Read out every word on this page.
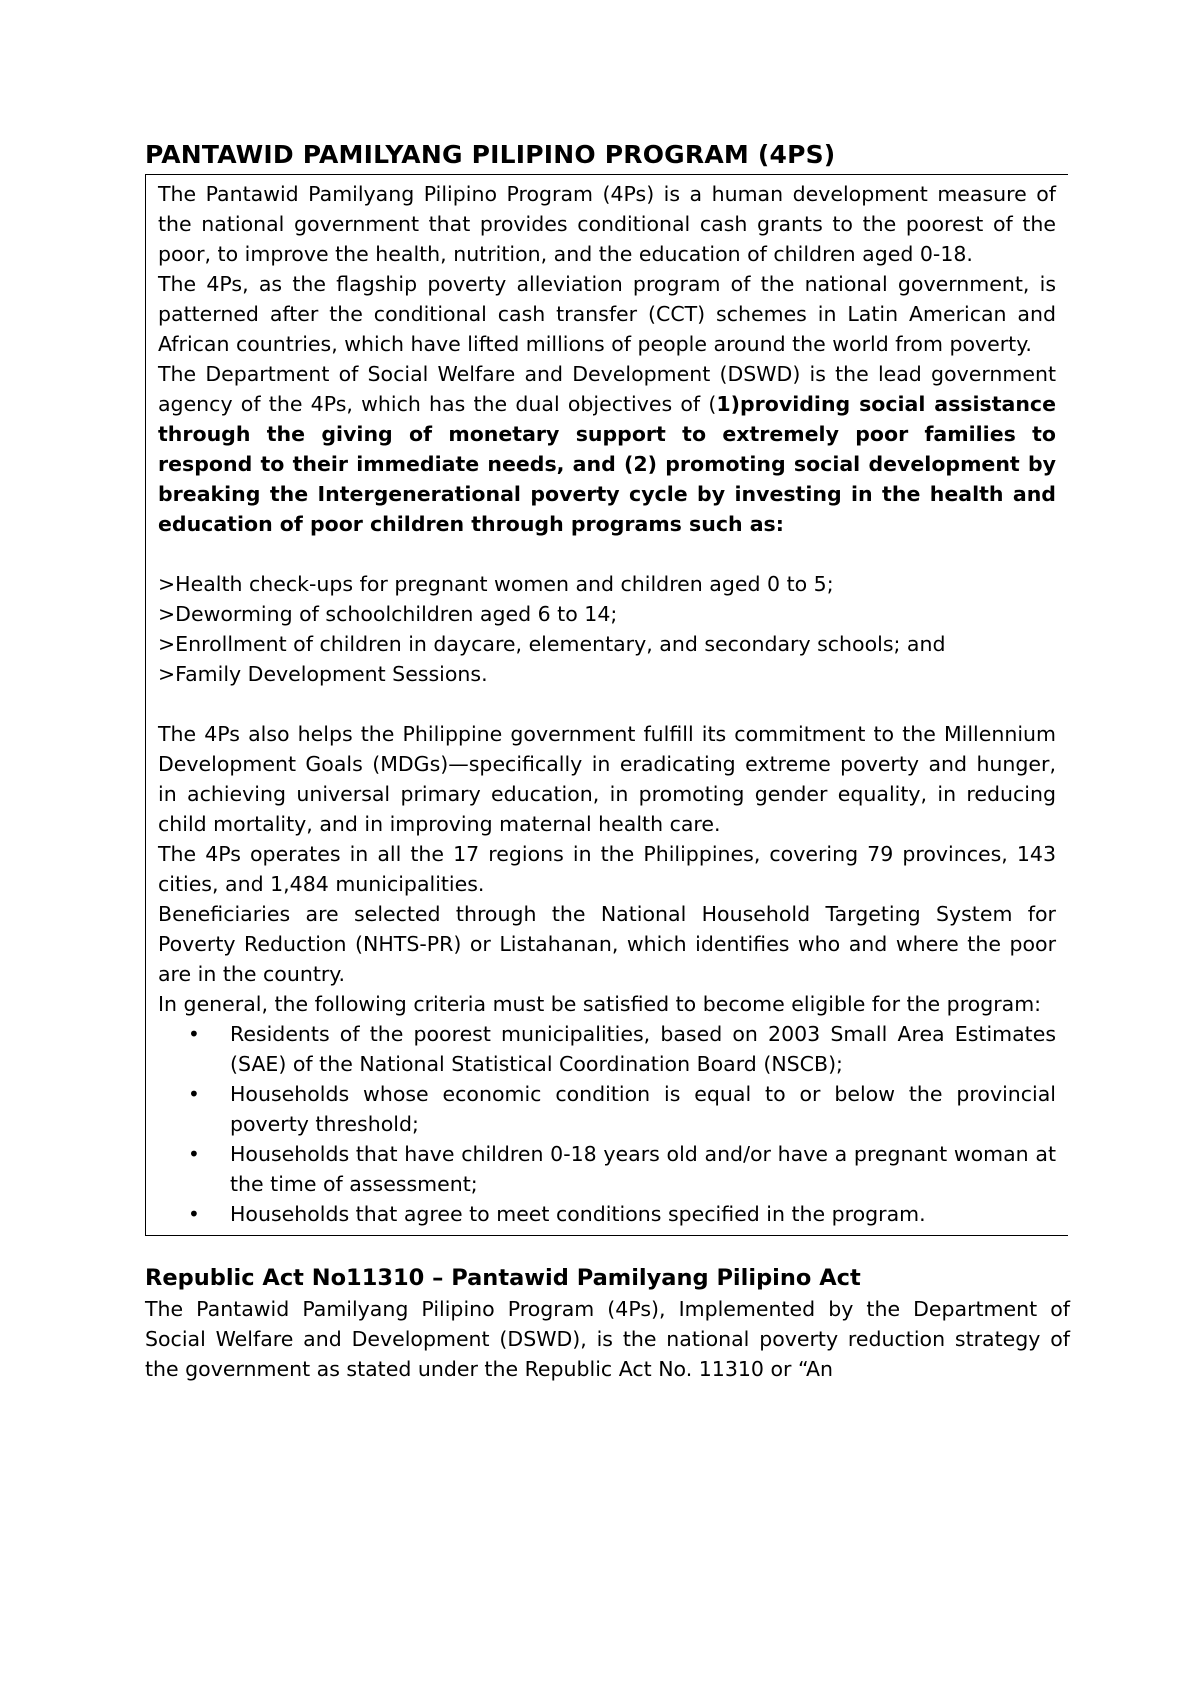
PANTAWID PAMILYANG PILIPINO PROGRAM (4PS)

The Pantawid Pamilyang Pilipino Program (4Ps) is a human development measure of the national government that provides conditional cash grants to the poorest of the poor, to improve the health, nutrition, and the education of children aged 0-18.

The 4Ps, as the flagship poverty alleviation program of the national government, is patterned after the conditional cash transfer (CCT) schemes in Latin American and African countries, which have lifted millions of people around the world from poverty.

The Department of Social Welfare and Development (DSWD) is the lead government agency of the 4Ps, which has the dual objectives of (1)providing social assistance through the giving of monetary support to extremely poor families to respond to their immediate needs, and (2) promoting social development by breaking the Intergenerational poverty cycle by investing in the health and education of poor children through programs such as:

>Health check-ups for pregnant women and children aged 0 to 5;
>Deworming of schoolchildren aged 6 to 14;
>Enrollment of children in daycare, elementary, and secondary schools; and
>Family Development Sessions.

The 4Ps also helps the Philippine government fulfill its commitment to the Millennium Development Goals (MDGs)—specifically in eradicating extreme poverty and hunger, in achieving universal primary education, in promoting gender equality, in reducing child mortality, and in improving maternal health care.

The 4Ps operates in all the 17 regions in the Philippines, covering 79 provinces, 143 cities, and 1,484 municipalities.

Beneficiaries are selected through the National Household Targeting System for Poverty Reduction (NHTS-PR) or Listahanan, which identifies who and where the poor are in the country.

In general, the following criteria must be satisfied to become eligible for the program:

• Residents of the poorest municipalities, based on 2003 Small Area Estimates (SAE) of the National Statistical Coordination Board (NSCB);
• Households whose economic condition is equal to or below the provincial poverty threshold;
• Households that have children 0-18 years old and/or have a pregnant woman at the time of assessment;
• Households that agree to meet conditions specified in the program.
Republic Act No11310 – Pantawid Pamilyang Pilipino Act

The Pantawid Pamilyang Pilipino Program (4Ps), Implemented by the Department of Social Welfare and Development (DSWD), is the national poverty reduction strategy of the government as stated under the Republic Act No. 11310 or “An
